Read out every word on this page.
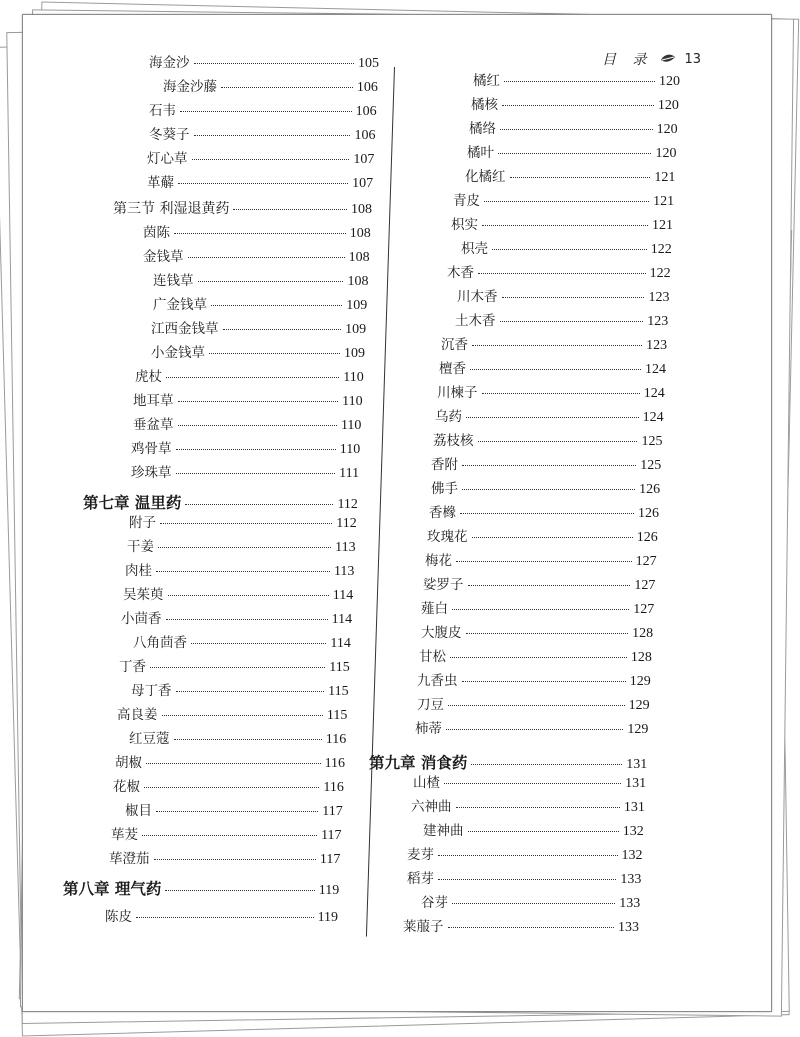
目 录 13
海金沙	105
海金沙藤	106
石韦	106
冬葵子	106
灯心草	107
革薢	107
第三节 利湿退黄药	108
茵陈	108
金钱草	108
连钱草	108
广金钱草	109
江西金钱草	109
小金钱草	109
虎杖	110
地耳草	110
垂盆草	110
鸡骨草	110
珍珠草	111
第七章 温里药	112
附子	112
干姜	113
肉桂	113
吴茱萸	114
小茴香	114
八角茴香	114
丁香	115
母丁香	115
高良姜	115
红豆蔻	116
胡椒	116
花椒	116
椒目	117
荜茇	117
荜澄茄	117
第八章 理气药	119
陈皮	119
橘红	120
橘核	120
橘络	120
橘叶	120
化橘红	121
青皮	121
枳实	121
枳壳	122
木香	122
川木香	123
土木香	123
沉香	123
檀香	124
川楝子	124
乌药	124
荔枝核	125
香附	125
佛手	126
香橼	126
玫瑰花	126
梅花	127
娑罗子	127
薤白	127
大腹皮	128
甘松	128
九香虫	129
刀豆	129
柿蒂	129
第九章 消食药	131
山楂	131
六神曲	131
建神曲	132
麦芽	132
稻芽	133
谷芽	133
莱菔子	133
